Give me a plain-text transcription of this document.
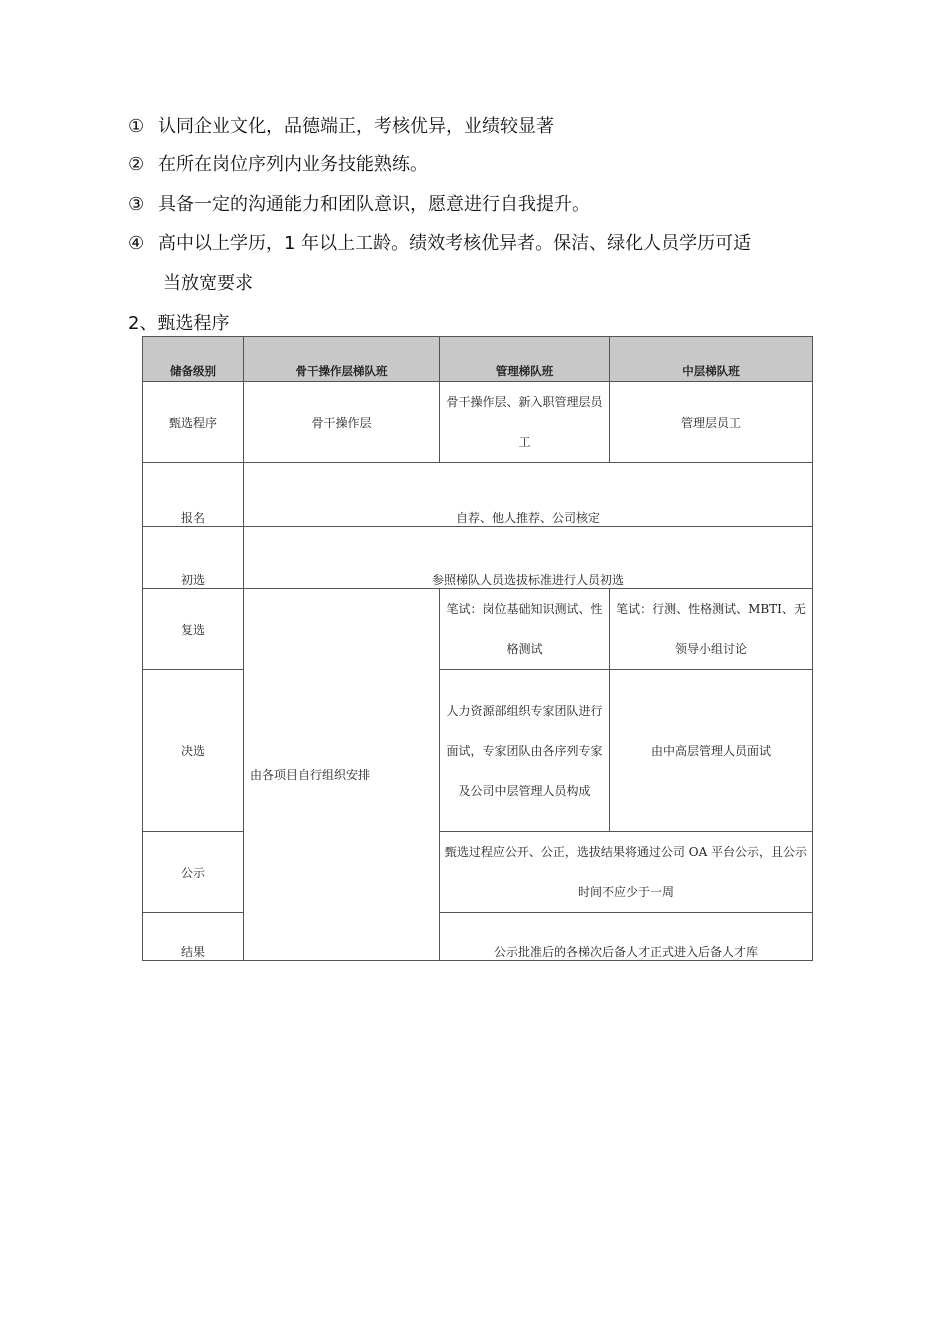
① 认同企业文化，品德端正，考核优异，业绩较显著
② 在所在岗位序列内业务技能熟练。
③ 具备一定的沟通能力和团队意识，愿意进行自我提升。
④ 高中以上学历，1 年以上工龄。绩效考核优异者。保洁、绿化人员学历可适
当放宽要求
2、甄选程序
储备级别	骨干操作层梯队班	管理梯队班	中层梯队班
甄选程序	骨干操作层	骨干操作层、新入职管理层员工	管理层员工
报名	自荐、他人推荐、公司核定		
初选	参照梯队人员选拔标准进行人员初选		
复选	由各项目自行组织安排	笔试：岗位基础知识测试、性格测试	笔试：行测、性格测试、MBTI、无领导小组讨论
决选		人力资源部组织专家团队进行面试，专家团队由各序列专家及公司中层管理人员构成	由中高层管理人员面试
公示		甄选过程应公开、公正，选拔结果将通过公司 OA 平台公示，且公示时间不应少于一周	
结果		公示批准后的各梯次后备人才正式进入后备人才库	
